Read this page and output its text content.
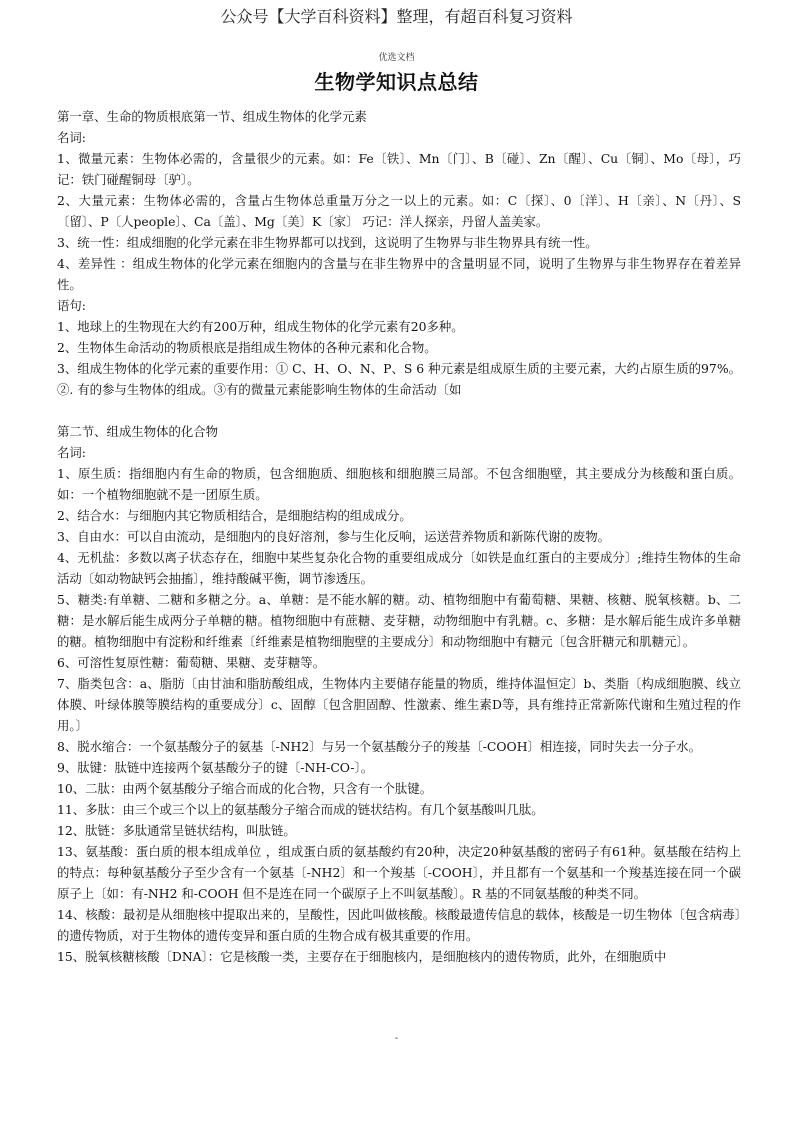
公众号【大学百科资料】整理，有超百科复习资料
优选文档
生物学知识点总结

第一章、生命的物质根底第一节、组成生物体的化学元素

名词:

1、微量元素：生物体必需的，含量很少的元素。如：Fe〔铁〕、Mn〔门〕、B〔碰〕、Zn〔醒〕、Cu〔铜〕、Mo〔母〕，巧记：铁门碰醒铜母〔驴〕。

2、大量元素：生物体必需的，含量占生物体总重量万分之一以上的元素。如：C〔探〕、0〔洋〕、H〔亲〕、N〔丹〕、S〔留〕、P〔人people〕、Ca〔盖〕、Mg〔美〕K〔家〕 巧记：洋人探亲，丹留人盖美家。

3、统一性：组成细胞的化学元素在非生物界都可以找到，这说明了生物界与非生物界具有统一性。

4、差异性 ：组成生物体的化学元素在细胞内的含量与在非生物界中的含量明显不同，说明了生物界与非生物界存在着差异性。

语句:

1、地球上的生物现在大约有200万种，组成生物体的化学元素有20多种。

2、生物体生命活动的物质根底是指组成生物体的各种元素和化合物。

3、组成生物体的化学元素的重要作用：① C、H、O、N、P、S 6 种元素是组成原生质的主要元素，大约占原生质的97%。②. 有的参与生物体的组成。③有的微量元素能影响生物体的生命活动〔如

第二节、组成生物体的化合物

名词:

1、原生质：指细胞内有生命的物质，包含细胞质、细胞核和细胞膜三局部。不包含细胞壁，其主要成分为核酸和蛋白质。如：一个植物细胞就不是一团原生质。

2、结合水：与细胞内其它物质相结合，是细胞结构的组成成分。

3、自由水：可以自由流动，是细胞内的良好溶剂，参与生化反响，运送营养物质和新陈代谢的废物。

4、无机盐：多数以离子状态存在，细胞中某些复杂化合物的重要组成成分〔如铁是血红蛋白的主要成分〕;维持生物体的生命活动〔如动物缺钙会抽搐〕，维持酸碱平衡，调节渗透压。

5、糖类:有单糖、二糖和多糖之分。a、单糖：是不能水解的糖。动、植物细胞中有葡萄糖、果糖、核糖、脱氧核糖。b、二糖：是水解后能生成两分子单糖的糖。植物细胞中有蔗糖、麦芽糖，动物细胞中有乳糖。c、多糖：是水解后能生成许多单糖的糖。植物细胞中有淀粉和纤维素〔纤维素是植物细胞壁的主要成分〕和动物细胞中有糖元〔包含肝糖元和肌糖元〕。

6、可溶性复原性糖：葡萄糖、果糖、麦芽糖等。

7、脂类包含：a、脂肪〔由甘油和脂肪酸组成，生物体内主要储存能量的物质，维持体温恒定〕b、类脂〔构成细胞膜、线立体膜、叶绿体膜等膜结构的重要成分〕c、固醇〔包含胆固醇、性激素、维生素D等，具有维持正常新陈代谢和生殖过程的作用。〕

8、脱水缩合：一个氨基酸分子的氨基〔-NH2〕与另一个氨基酸分子的羧基〔-COOH〕相连接，同时失去一分子水。

9、肽键：肽链中连接两个氨基酸分子的键〔-NH-CO-〕。

10、二肽：由两个氨基酸分子缩合而成的化合物，只含有一个肽键。

11、多肽：由三个或三个以上的氨基酸分子缩合而成的链状结构。有几个氨基酸叫几肽。

12、肽链：多肽通常呈链状结构，叫肽链。

13、氨基酸：蛋白质的根本组成单位 ，组成蛋白质的氨基酸约有20种，决定20种氨基酸的密码子有61种。氨基酸在结构上的特点：每种氨基酸分子至少含有一个氨基〔-NH2〕和一个羧基〔-COOH〕，并且都有一个氨基和一个羧基连接在同一个碳原子上〔如：有-NH2 和-COOH 但不是连在同一个碳原子上不叫氨基酸〕。R 基的不同氨基酸的种类不同。

14、核酸：最初是从细胞核中提取出来的，呈酸性，因此叫做核酸。核酸最遗传信息的载体，核酸是一切生物体〔包含病毒〕的遗传物质，对于生物体的遗传变异和蛋白质的生物合成有极其重要的作用。

15、脱氧核糖核酸〔DNA〕：它是核酸一类，主要存在于细胞核内，是细胞核内的遗传物质，此外，在细胞质中

-
